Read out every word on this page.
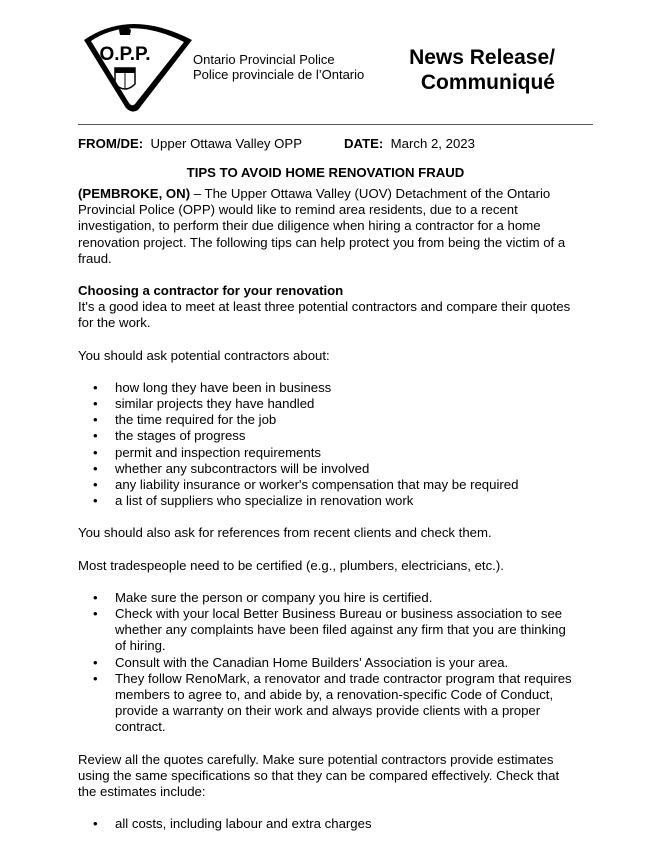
O.P.P.	Ontario Provincial Police
Police provinciale de l’Ontario
News Release/
Communiqué
FROM/DE: Upper Ottawa Valley OPP	DATE: March 2, 2023
TIPS TO AVOID HOME RENOVATION FRAUD

(PEMBROKE, ON) – The Upper Ottawa Valley (UOV) Detachment of the Ontario Provincial Police (OPP) would like to remind area residents, due to a recent investigation, to perform their due diligence when hiring a contractor for a home renovation project. The following tips can help protect you from being the victim of a fraud.

Choosing a contractor for your renovation

It's a good idea to meet at least three potential contractors and compare their quotes for the work.

You should ask potential contractors about:

• how long they have been in business
• similar projects they have handled
• the time required for the job
• the stages of progress
• permit and inspection requirements
• whether any subcontractors will be involved
• any liability insurance or worker's compensation that may be required
• a list of suppliers who specialize in renovation work

You should also ask for references from recent clients and check them.

Most tradespeople need to be certified (e.g., plumbers, electricians, etc.).

• Make sure the person or company you hire is certified.
• Check with your local Better Business Bureau or business association to see whether any complaints have been filed against any firm that you are thinking of hiring.
• Consult with the Canadian Home Builders' Association is your area.
• They follow RenoMark, a renovator and trade contractor program that requires members to agree to, and abide by, a renovation-specific Code of Conduct, provide a warranty on their work and always provide clients with a proper contract.

Review all the quotes carefully. Make sure potential contractors provide estimates using the same specifications so that they can be compared effectively. Check that the estimates include:

• all costs, including labour and extra charges
